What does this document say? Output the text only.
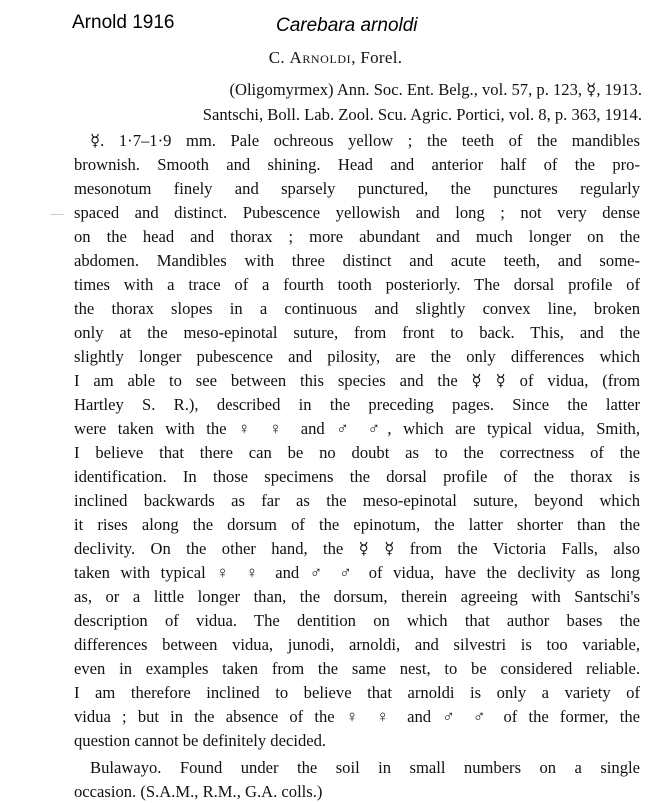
Arnold 1916	Carebara arnoldi
C. Arnoldi, Forel.
(Oligomyrmex) Ann. Soc. Ent. Belg., vol. 57, p. 123, ☿, 1913.
Santschi, Boll. Lab. Zool. Scu. Agric. Portici, vol. 8, p. 363, 1914.
☿. 1·7–1·9 mm. Pale ochreous yellow ; the teeth of the mandibles
brownish. Smooth and shining. Head and anterior half of the pro-
mesonotum finely and sparsely punctured, the punctures regularly
spaced and distinct. Pubescence yellowish and long ; not very dense
on the head and thorax ; more abundant and much longer on the
abdomen. Mandibles with three distinct and acute teeth, and some-
times with a trace of a fourth tooth posteriorly. The dorsal profile of
the thorax slopes in a continuous and slightly convex line, broken
only at the meso-epinotal suture, from front to back. This, and the
slightly longer pubescence and pilosity, are the only differences which
I am able to see between this species and the ☿ ☿ of vidua, (from
Hartley S. R.), described in the preceding pages. Since the latter
were taken with the ♀ ♀ and ♂ ♂, which are typical vidua, Smith,
I believe that there can be no doubt as to the correctness of the
identification. In those specimens the dorsal profile of the thorax is
inclined backwards as far as the meso-epinotal suture, beyond which
it rises along the dorsum of the epinotum, the latter shorter than the
declivity. On the other hand, the ☿ ☿ from the Victoria Falls, also
taken with typical ♀ ♀ and ♂ ♂ of vidua, have the declivity as long
as, or a little longer than, the dorsum, therein agreeing with Santschi's
description of vidua. The dentition on which that author bases the
differences between vidua, junodi, arnoldi, and silvestri is too variable,
even in examples taken from the same nest, to be considered reliable.
I am therefore inclined to believe that arnoldi is only a variety of
vidua ; but in the absence of the ♀ ♀ and ♂ ♂ of the former, the
question cannot be definitely decided.
Bulawayo. Found under the soil in small numbers on a single
occasion. (S.A.M., R.M., G.A. colls.)
